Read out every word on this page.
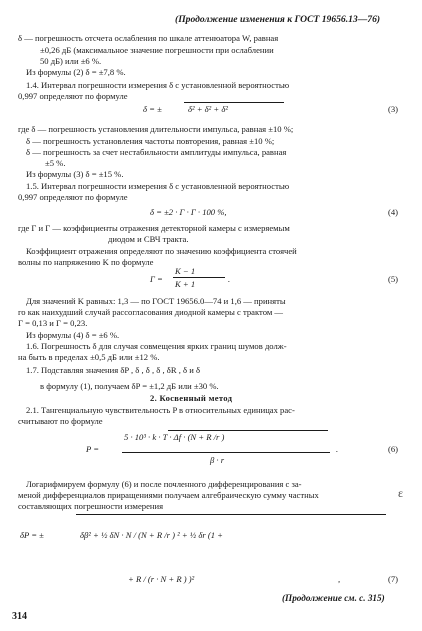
(Продолжение изменения к ГОСТ 19656.13—76)
δ — погрешность отсчета ослабления по шкале аттенюатора W, равная
±0,26 дБ (максимальное значение погрешности при ослаблении
50 дБ) или ±6 %.
Из формулы (2) δ = ±7,8 %.
1.4. Интервал погрешности измерения δ с установленной вероятностью
0,997 определяют по формуле
δ = ±	δ² + δ² + δ²	(3)
где δ — погрешность установления длительности импульса, равная ±10 %;
δ — погрешность установления частоты повторения, равная ±10 %;
δ — погрешность за счет нестабильности амплитуды импульса, равная
±5 %.
Из формулы (3) δ = ±15 %.
1.5. Интервал погрешности измерения δ с установленной вероятностью
0,997 определяют по формуле
δ = ±2 · Г · Г · 100 %,	(4)
где Г и Г — коэффициенты отражения детекторной камеры с измеряемым
диодом и СВЧ тракта.
Коэффициент отражения определяют по значению коэффициента стоячей
волны по напряжению K по формуле
Г =
K − 1
K + 1	.	(5)
Для значений K равных: 1,3 — по ГОСТ 19656.0—74 и 1,6 — приняты
го как наихудший случай рассогласования диодной камеры с трактом —
Г = 0,13 и Г = 0,23.
Из формулы (4) δ = ±6 %.
1.6. Погрешность δ для случая совмещения ярких границ шумов долж-
на быть в пределах ±0,5 дБ или ±12 %.
1.7. Подставляя значения δP , δ , δ , δ , δR , δ и δ
в формулу (1), получаем δP = ±1,2 дБ или ±30 %.
2. Косвенный метод
2.1. Тангенциальную чувствительность P в относительных единицах рас-
считывают по формуле
P =
5 · 10³ · k · T · Δf · (N + R /r )
β · r
.	(6)
Логарифмируем формулу (6) и после почленного дифференцирования с за-
меной дифференциалов приращениями получаем алгебраическую сумму частных
составляющих погрешности измерения
ε
δP = ±	δβ² + ½ δN · N / (N + R /r ) ² + ½ δr (1 +
+ R / (r · N + R ) )²	,	(7)
(Продолжение см. с. 315)
314
